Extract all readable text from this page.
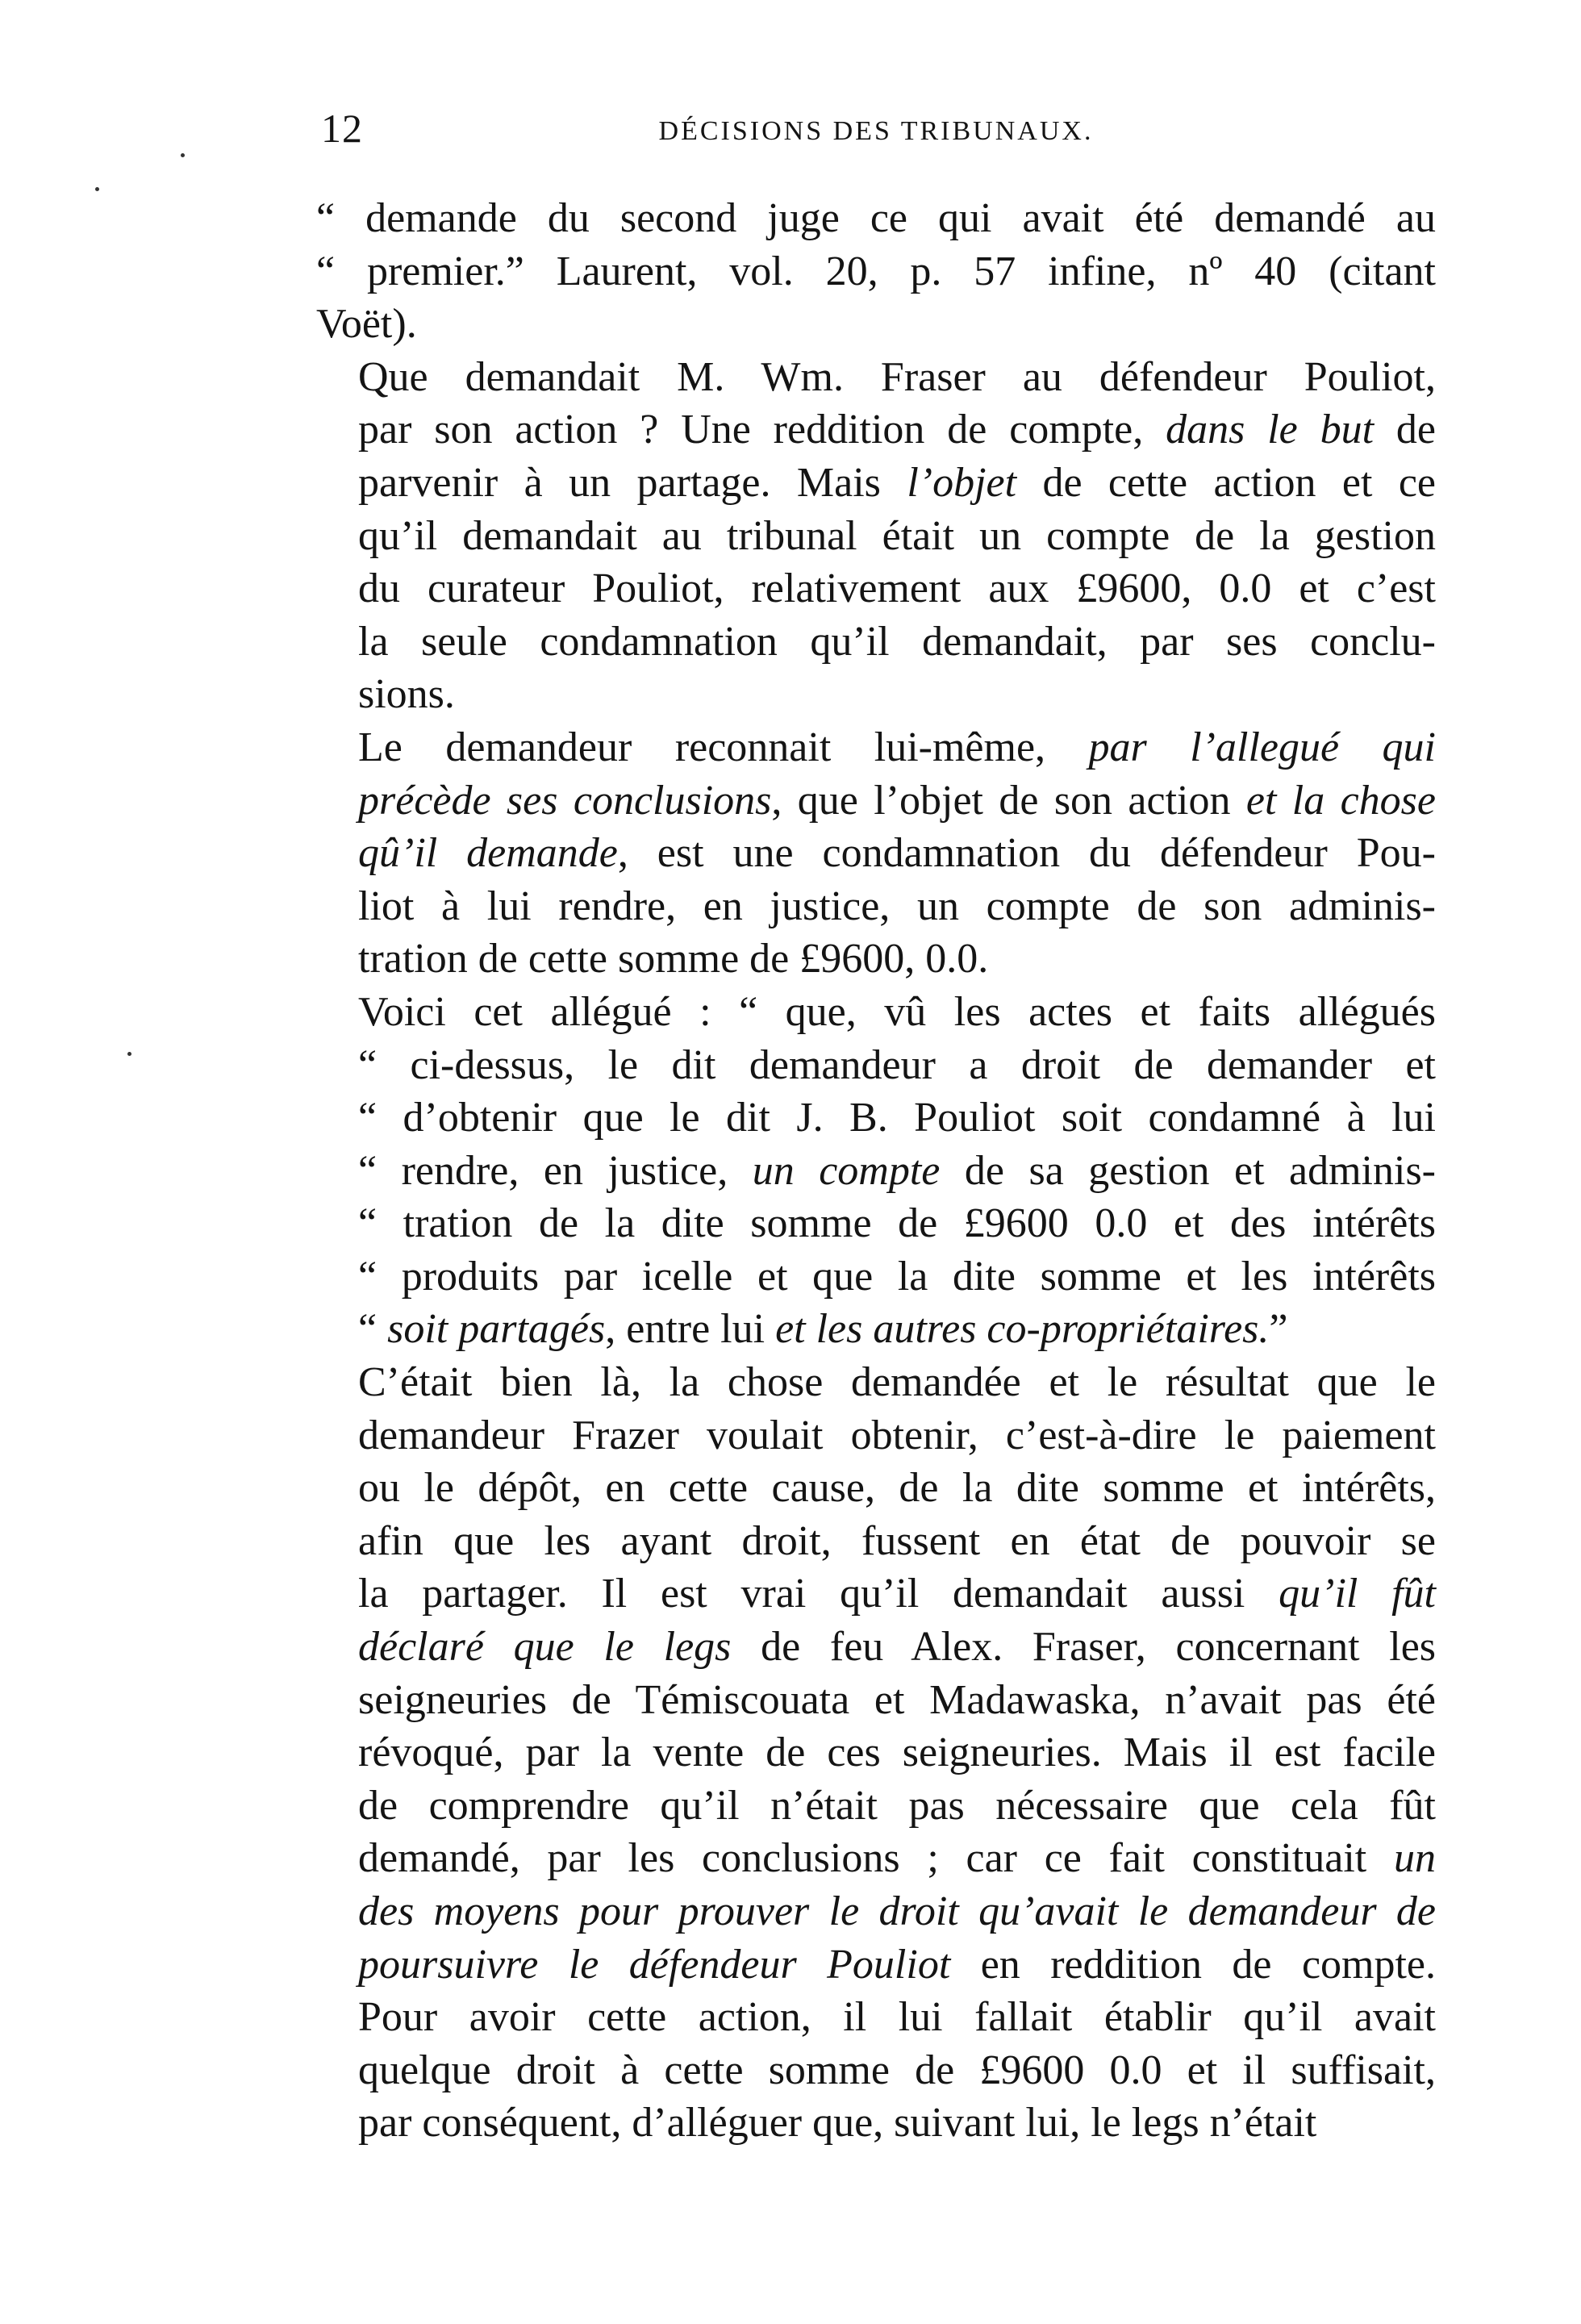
12	DÉCISIONS DES TRIBUNAUX.

“ demande du second juge ce qui avait été demandé au
“ premier.” Laurent, vol. 20, p. 57 infine, nº 40 (citant
Voët).

Que demandait M. Wm. Fraser au défendeur Pouliot,
par son action ? Une reddition de compte, dans le but de
parvenir à un partage. Mais l’objet de cette action et ce
qu’il demandait au tribunal était un compte de la gestion
du curateur Pouliot, relativement aux £9600, 0.0 et c’est
la seule condamnation qu’il demandait, par ses conclu-
sions.

Le demandeur reconnait lui-même, par l’allegué qui
précède ses conclusions, que l’objet de son action et la chose
qû’il demande, est une condamnation du défendeur Pou-
liot à lui rendre, en justice, un compte de son adminis-
tration de cette somme de £9600, 0.0.

Voici cet allégué : “ que, vû les actes et faits allégués
“ ci-dessus, le dit demandeur a droit de demander et
“ d’obtenir que le dit J. B. Pouliot soit condamné à lui
“ rendre, en justice, un compte de sa gestion et adminis-
“ tration de la dite somme de £9600 0.0 et des intérêts
“ produits par icelle et que la dite somme et les intérêts
“ soit partagés, entre lui et les autres co-propriétaires.”

C’était bien là, la chose demandée et le résultat que le
demandeur Frazer voulait obtenir, c’est-à-dire le paiement
ou le dépôt, en cette cause, de la dite somme et intérêts,
afin que les ayant droit, fussent en état de pouvoir se
la partager. Il est vrai qu’il demandait aussi qu’il fût
déclaré que le legs de feu Alex. Fraser, concernant les
seigneuries de Témiscouata et Madawaska, n’avait pas été
révoqué, par la vente de ces seigneuries. Mais il est facile
de comprendre qu’il n’était pas nécessaire que cela fût
demandé, par les conclusions ; car ce fait constituait un
des moyens pour prouver le droit qu’avait le demandeur de
poursuivre le défendeur Pouliot en reddition de compte.
Pour avoir cette action, il lui fallait établir qu’il avait
quelque droit à cette somme de £9600 0.0 et il suffisait,
par conséquent, d’alléguer que, suivant lui, le legs n’était
